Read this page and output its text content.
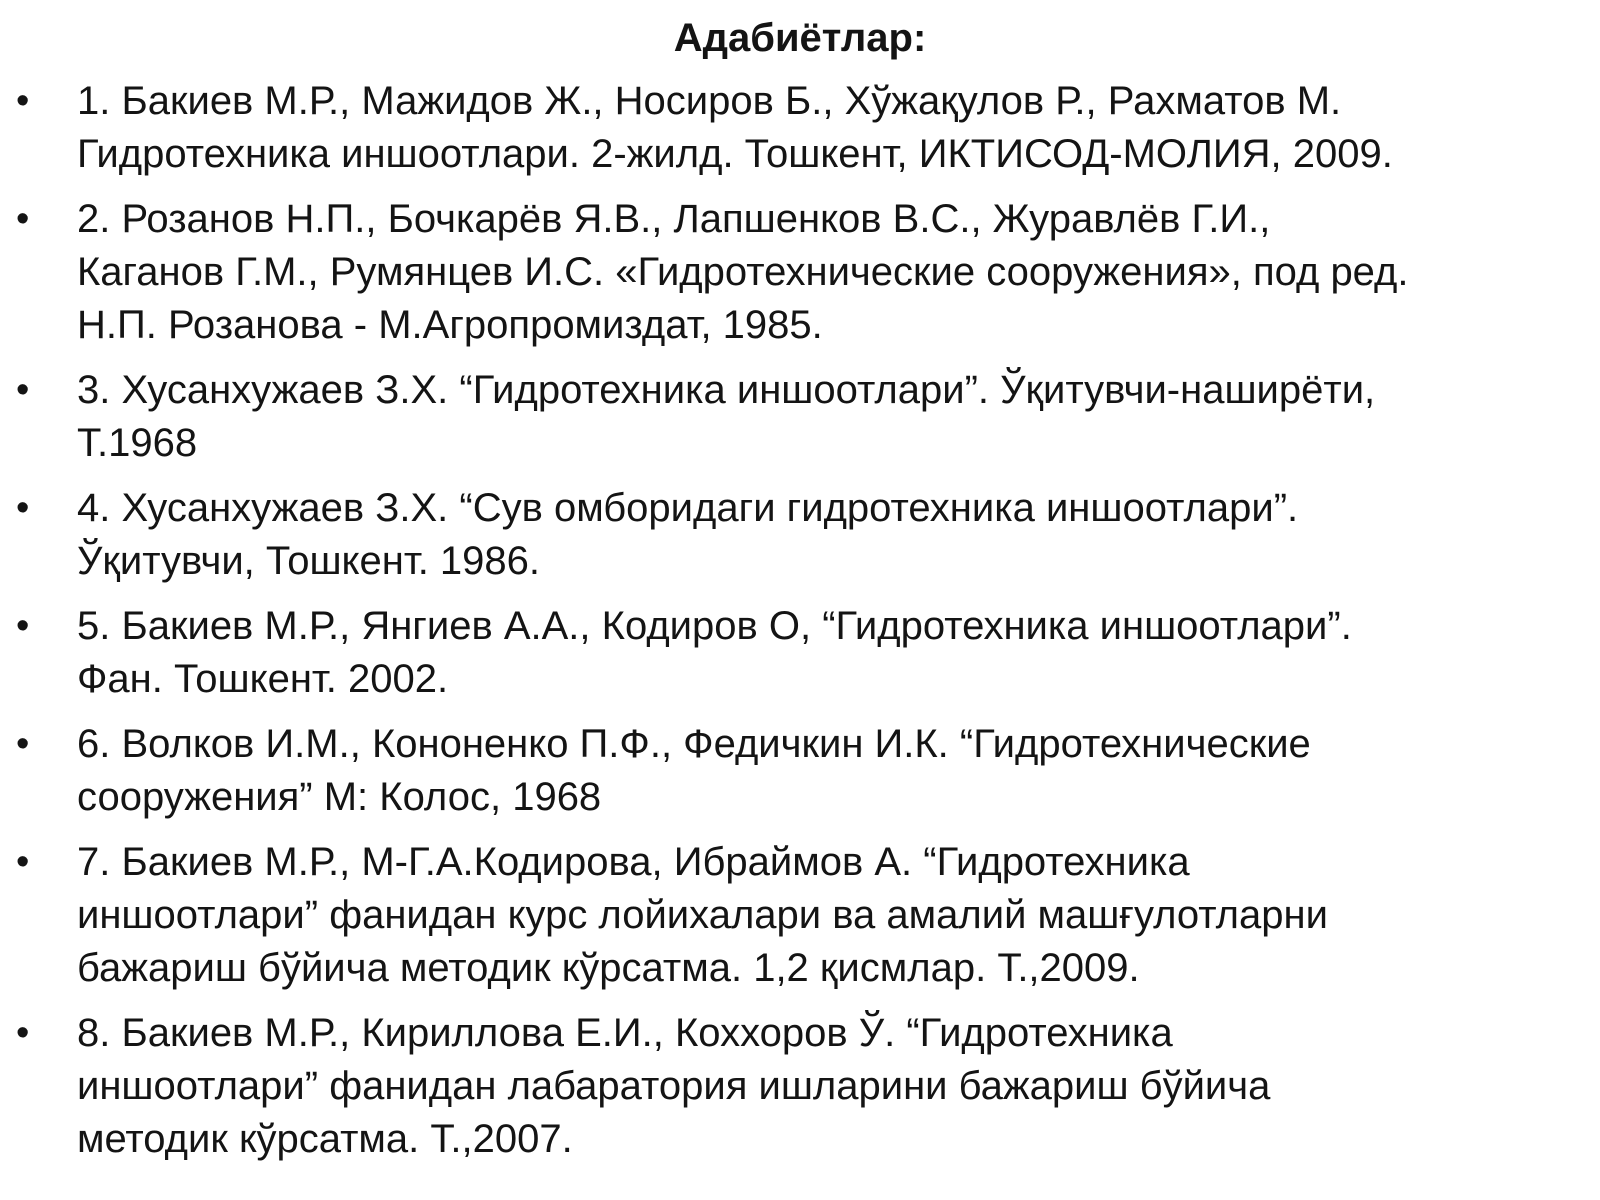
Адабиётлар:
• 1. Бакиев М.Р., Мажидов Ж., Носиров Б., Хўжақулов Р., Рахматов М.
Гидротехника иншоотлари. 2-жилд. Тошкент, ИКТИСОД-МОЛИЯ, 2009.
• 2. Розанов Н.П., Бочкарёв Я.В., Лапшенков В.С., Журавлёв Г.И.,
Каганов Г.М., Румянцев И.С. «Гидротехнические сооружения», под ред.
Н.П. Розанова - М.Агропромиздат, 1985.
• 3. Хусанхужаев З.Х. “Гидротехника иншоотлари”. Ўқитувчи-наширёти,
Т.1968
• 4. Хусанхужаев З.Х. “Сув омборидаги гидротехника иншоотлари”.
Ўқитувчи, Тошкент. 1986.
• 5. Бакиев М.Р., Янгиев А.А., Кодиров О, “Гидротехника иншоотлари”.
Фан. Тошкент. 2002.
• 6. Волков И.М., Кононенко П.Ф., Федичкин И.К. “Гидротехнические
сооружения” М: Колос, 1968
• 7. Бакиев М.Р., М-Г.А.Кодирова, Ибраймов А. “Гидротехника
иншоотлари” фанидан курс лойихалари ва амалий машғулотларни
бажариш бўйича методик кўрсатма. 1,2 қисмлар. Т.,2009.
• 8. Бакиев М.Р., Кириллова Е.И., Коххоров Ў. “Гидротехника
иншоотлари” фанидан лабаратория ишларини бажариш бўйича
методик кўрсатма. Т.,2007.
